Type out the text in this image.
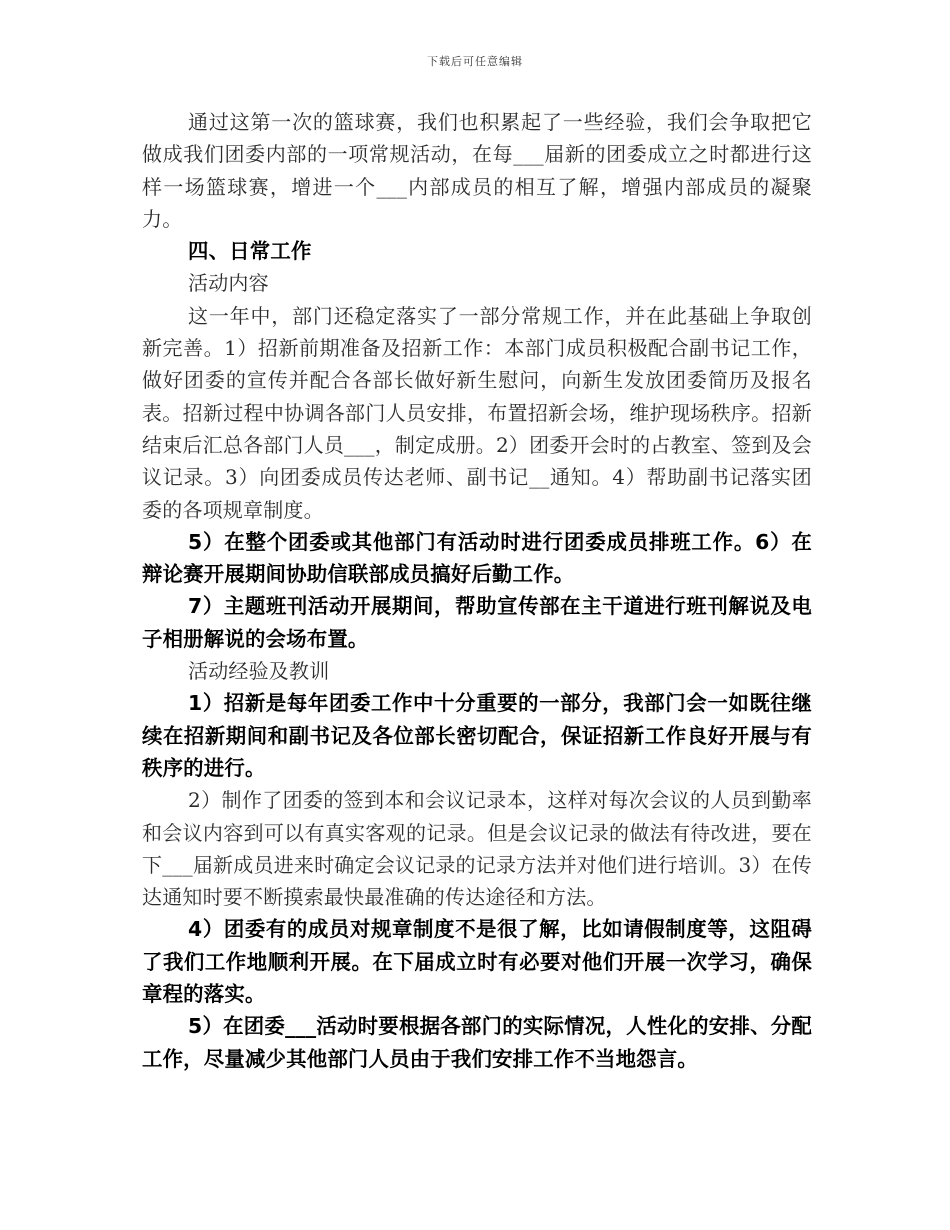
下载后可任意编辑

通过这第一次的篮球赛，我们也积累起了一些经验，我们会争取把它做成我们团委内部的一项常规活动，在每___届新的团委成立之时都进行这样一场篮球赛，增进一个___内部成员的相互了解，增强内部成员的凝聚力。

四、日常工作

活动内容

这一年中，部门还稳定落实了一部分常规工作，并在此基础上争取创新完善。1）招新前期准备及招新工作：本部门成员积极配合副书记工作，做好团委的宣传并配合各部长做好新生慰问，向新生发放团委简历及报名表。招新过程中协调各部门人员安排，布置招新会场，维护现场秩序。招新结束后汇总各部门人员___，制定成册。2）团委开会时的占教室、签到及会议记录。3）向团委成员传达老师、副书记__通知。4）帮助副书记落实团委的各项规章制度。

5）在整个团委或其他部门有活动时进行团委成员排班工作。6）在辩论赛开展期间协助信联部成员搞好后勤工作。

7）主题班刊活动开展期间，帮助宣传部在主干道进行班刊解说及电子相册解说的会场布置。

活动经验及教训

1）招新是每年团委工作中十分重要的一部分，我部门会一如既往继续在招新期间和副书记及各位部长密切配合，保证招新工作良好开展与有秩序的进行。

2）制作了团委的签到本和会议记录本，这样对每次会议的人员到勤率和会议内容到可以有真实客观的记录。但是会议记录的做法有待改进，要在下___届新成员进来时确定会议记录的记录方法并对他们进行培训。3）在传达通知时要不断摸索最快最准确的传达途径和方法。

4）团委有的成员对规章制度不是很了解，比如请假制度等，这阻碍了我们工作地顺利开展。在下届成立时有必要对他们开展一次学习，确保章程的落实。

5）在团委___活动时要根据各部门的实际情况，人性化的安排、分配工作，尽量减少其他部门人员由于我们安排工作不当地怨言。
